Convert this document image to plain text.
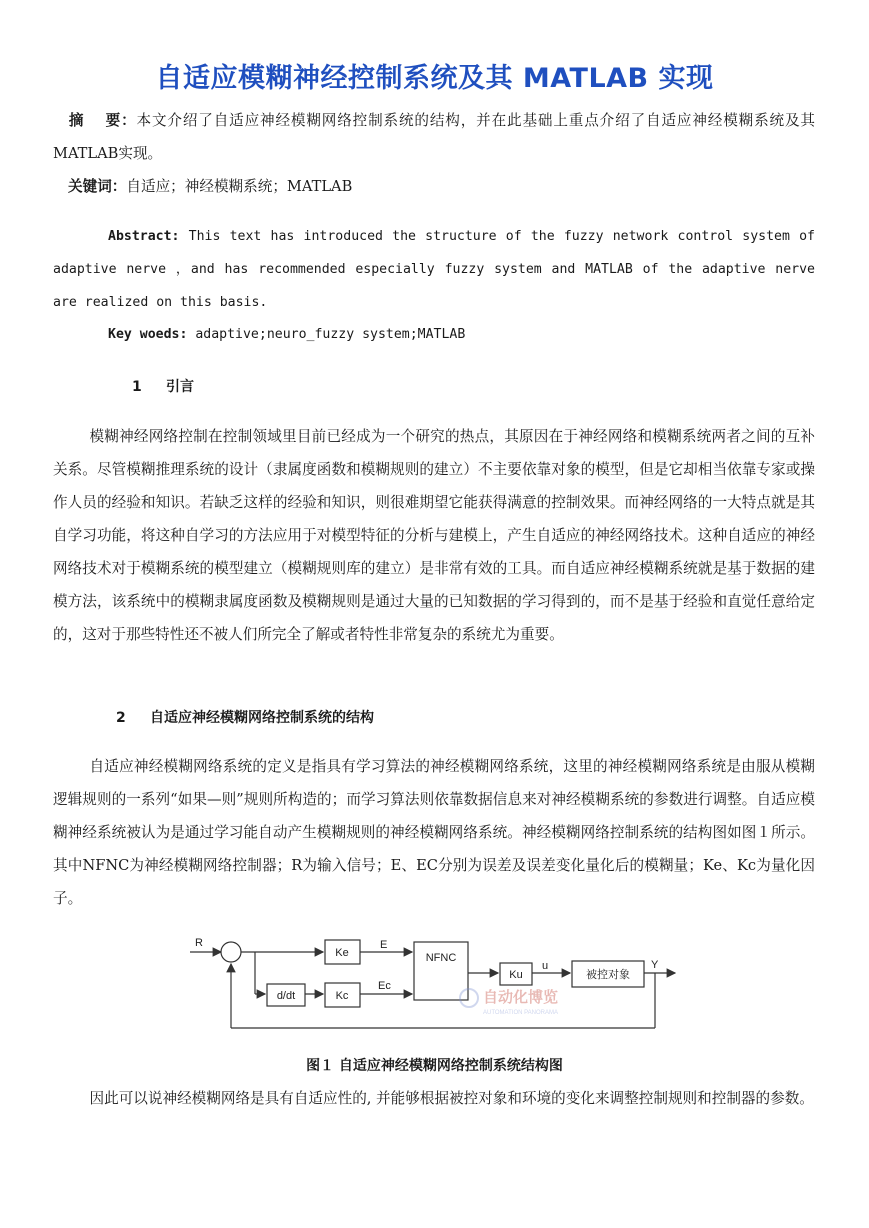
自适应模糊神经控制系统及其 MATLAB 实现
摘　 要：本文介绍了自适应神经模糊网络控制系统的结构，并在此基础上重点介绍了自适应神经模糊系统及其MATLAB实现。
关键词：自适应；神经模糊系统；MATLAB
Abstract: This text has introduced the structure of the fuzzy network control system of adaptive nerve ，and has recommended especially fuzzy system and MATLAB of the adaptive nerve are realized on this basis.
Key woeds: adaptive;neuro_fuzzy system;MATLAB
1 引言
模糊神经网络控制在控制领域里目前已经成为一个研究的热点，其原因在于神经网络和模糊系统两者之间的互补关系。尽管模糊推理系统的设计（隶属度函数和模糊规则的建立）不主要依靠对象的模型，但是它却相当依靠专家或操作人员的经验和知识。若缺乏这样的经验和知识，则很难期望它能获得满意的控制效果。而神经网络的一大特点就是其自学习功能，将这种自学习的方法应用于对模型特征的分析与建模上，产生自适应的神经网络技术。这种自适应的神经网络技术对于模糊系统的模型建立（模糊规则库的建立）是非常有效的工具。而自适应神经模糊系统就是基于数据的建模方法，该系统中的模糊隶属度函数及模糊规则是通过大量的已知数据的学习得到的，而不是基于经验和直觉任意给定的，这对于那些特性还不被人们所完全了解或者特性非常复杂的系统尤为重要。
2 自适应神经模糊网络控制系统的结构
自适应神经模糊网络系统的定义是指具有学习算法的神经模糊网络系统，这里的神经模糊网络系统是由服从模糊逻辑规则的一系列“如果—则”规则所构造的；而学习算法则依靠数据信息来对神经模糊系统的参数进行调整。自适应模糊神经系统被认为是通过学习能自动产生模糊规则的神经模糊网络系统。神经模糊网络控制系统的结构图如图１所示。其中NFNC为神经模糊网络控制器；R为输入信号；E、EC分别为误差及误差变化量化后的模糊量；Ke、Kc为量化因子。
自动化博览
AUTOMATION PANORAMA
R
Ke
d/dt	Kc
E
Ec
NFNC
Ku
u
被控对象
Y
图１ 自适应神经模糊网络控制系统结构图
因此可以说神经模糊网络是具有自适应性的, 并能够根据被控对象和环境的变化来调整控制规则和控制器的参数。
